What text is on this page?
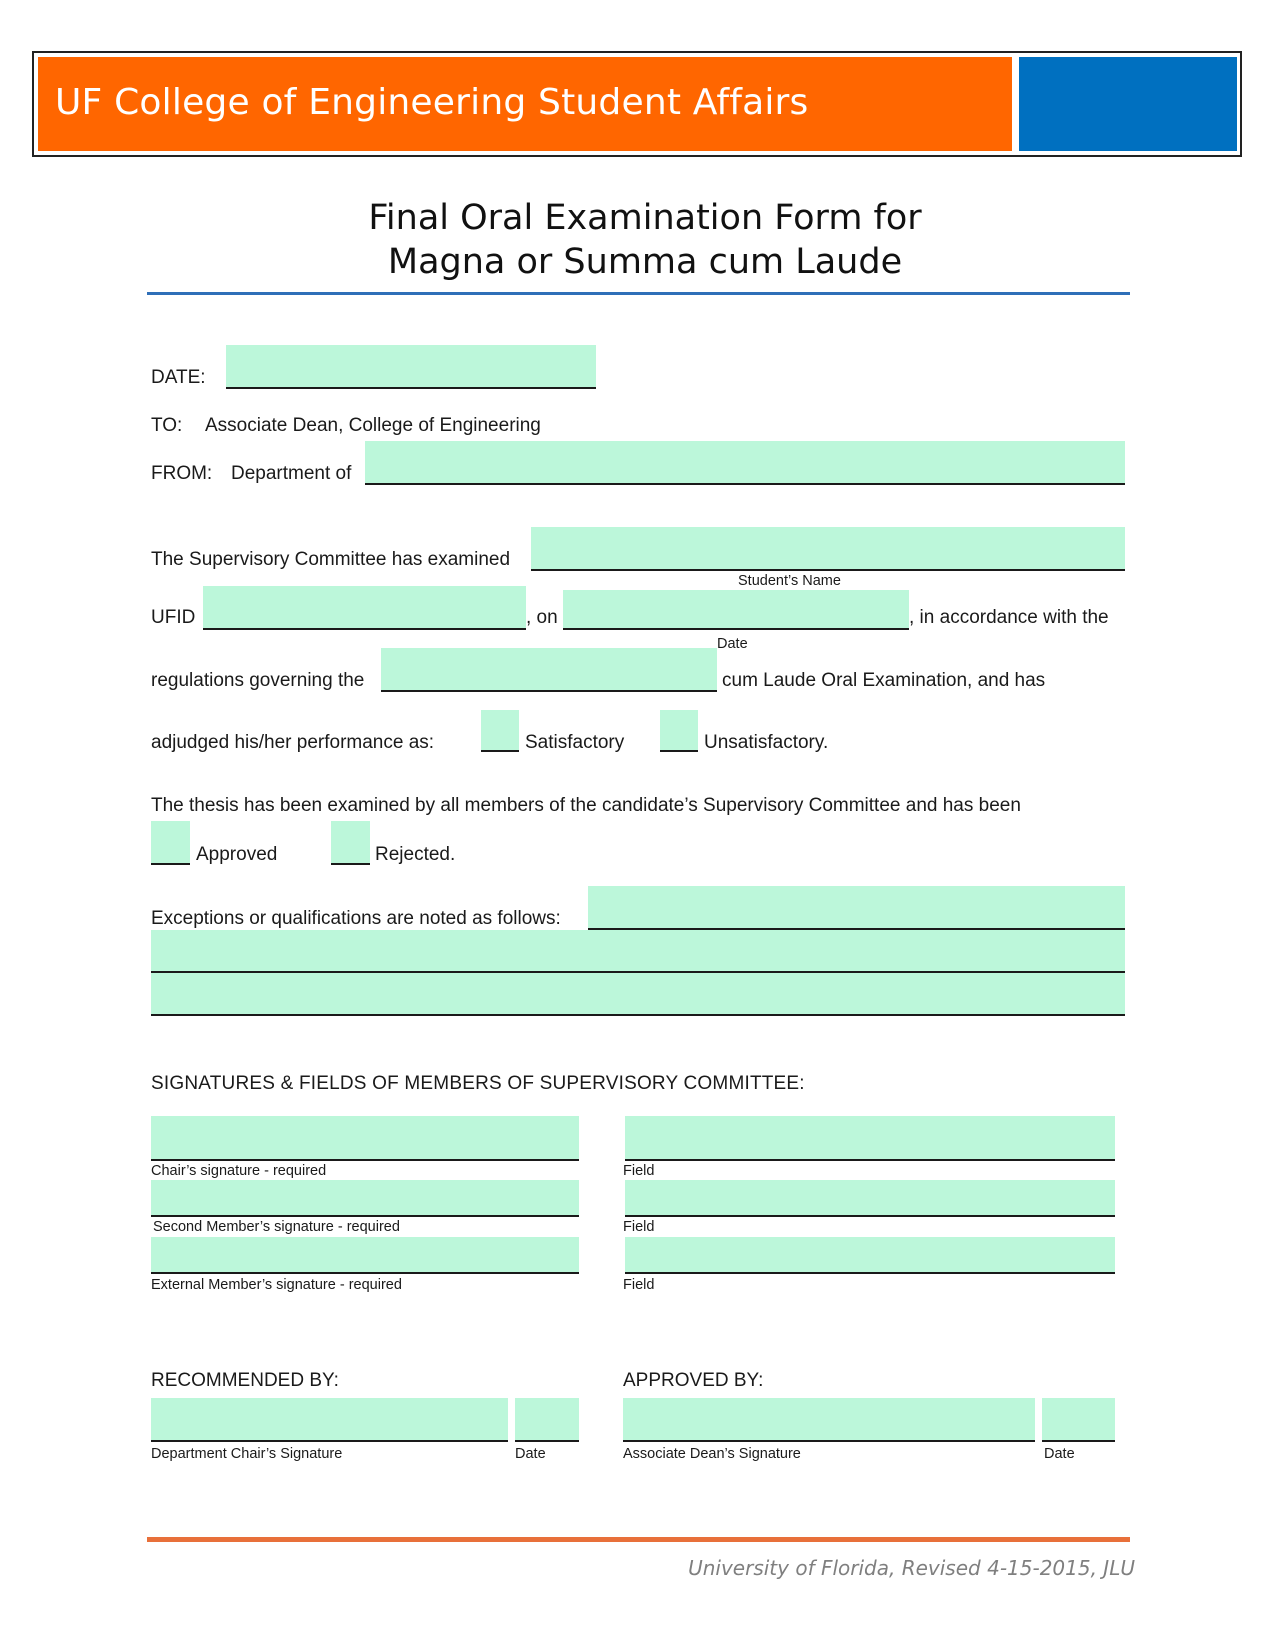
UF College of Engineering Student Affairs
Final Oral Examination Form for
Magna or Summa cum Laude
DATE:
TO: Associate Dean, College of Engineering
FROM: Department of
The Supervisory Committee has examined
Student’s Name
UFID	, on	, in accordance with the
Date
regulations governing the	cum Laude Oral Examination, and has
adjudged his/her performance as:	Satisfactory	Unsatisfactory.
The thesis has been examined by all members of the candidate’s Supervisory Committee and has been
Approved	Rejected.
Exceptions or qualifications are noted as follows:
SIGNATURES & FIELDS OF MEMBERS OF SUPERVISORY COMMITTEE:
Chair’s signature - required	Field
Second Member’s signature - required	Field
External Member’s signature - required	Field
RECOMMENDED BY:
Department Chair’s Signature	Date
APPROVED BY:
Associate Dean’s Signature	Date
University of Florida, Revised 4-15-2015, JLU
